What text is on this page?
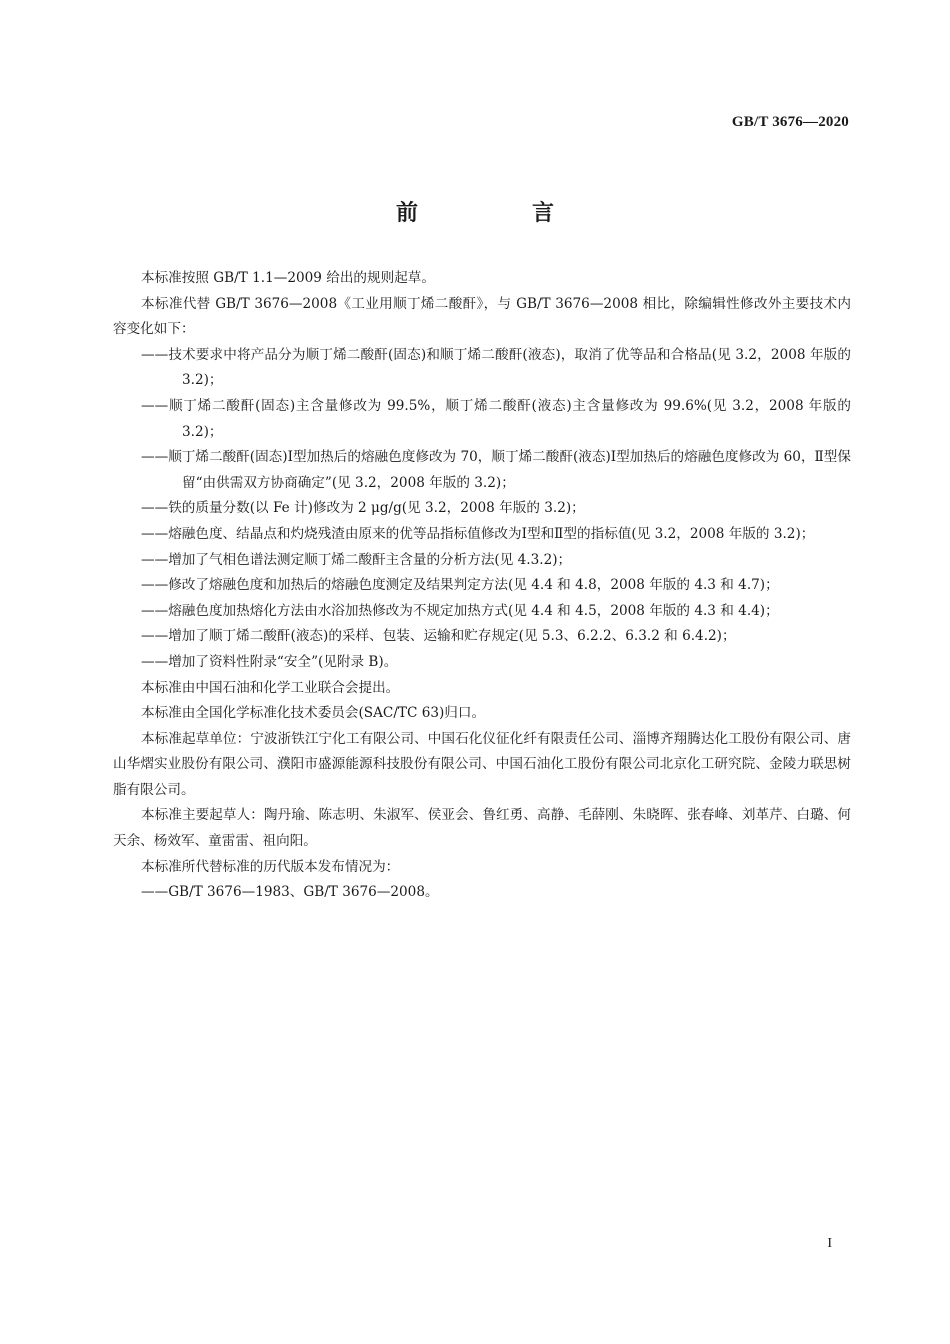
GB/T 3676—2020
前　言

本标准按照 GB/T 1.1—2009 给出的规则起草。

本标准代替 GB/T 3676—2008《工业用顺丁烯二酸酐》，与 GB/T 3676—2008 相比，除编辑性修改外主要技术内容变化如下：

——技术要求中将产品分为顺丁烯二酸酐(固态)和顺丁烯二酸酐(液态)，取消了优等品和合格品(见 3.2，2008 年版的 3.2)；

——顺丁烯二酸酐(固态)主含量修改为 99.5%，顺丁烯二酸酐(液态)主含量修改为 99.6%(见 3.2，2008 年版的 3.2)；

——顺丁烯二酸酐(固态)Ⅰ型加热后的熔融色度修改为 70，顺丁烯二酸酐(液态)Ⅰ型加热后的熔融色度修改为 60，Ⅱ型保留“由供需双方协商确定”(见 3.2，2008 年版的 3.2)；

——铁的质量分数(以 Fe 计)修改为 2 μg/g(见 3.2，2008 年版的 3.2)；

——熔融色度、结晶点和灼烧残渣由原来的优等品指标值修改为Ⅰ型和Ⅱ型的指标值(见 3.2，2008 年版的 3.2)；

——增加了气相色谱法测定顺丁烯二酸酐主含量的分析方法(见 4.3.2)；

——修改了熔融色度和加热后的熔融色度测定及结果判定方法(见 4.4 和 4.8，2008 年版的 4.3 和 4.7)；

——熔融色度加热熔化方法由水浴加热修改为不规定加热方式(见 4.4 和 4.5，2008 年版的 4.3 和 4.4)；

——增加了顺丁烯二酸酐(液态)的采样、包装、运输和贮存规定(见 5.3、6.2.2、6.3.2 和 6.4.2)；

——增加了资料性附录“安全”(见附录 B)。

本标准由中国石油和化学工业联合会提出。

本标准由全国化学标准化技术委员会(SAC/TC 63)归口。

本标准起草单位：宁波浙铁江宁化工有限公司、中国石化仪征化纤有限责任公司、淄博齐翔腾达化工股份有限公司、唐山华熠实业股份有限公司、濮阳市盛源能源科技股份有限公司、中国石油化工股份有限公司北京化工研究院、金陵力联思树脂有限公司。

本标准主要起草人：陶丹瑜、陈志明、朱淑军、侯亚会、鲁红勇、高静、毛薛刚、朱晓晖、张春峰、刘革芹、白璐、何天余、杨效军、童雷雷、祖向阳。

本标准所代替标准的历代版本发布情况为：

——GB/T 3676—1983、GB/T 3676—2008。

I
